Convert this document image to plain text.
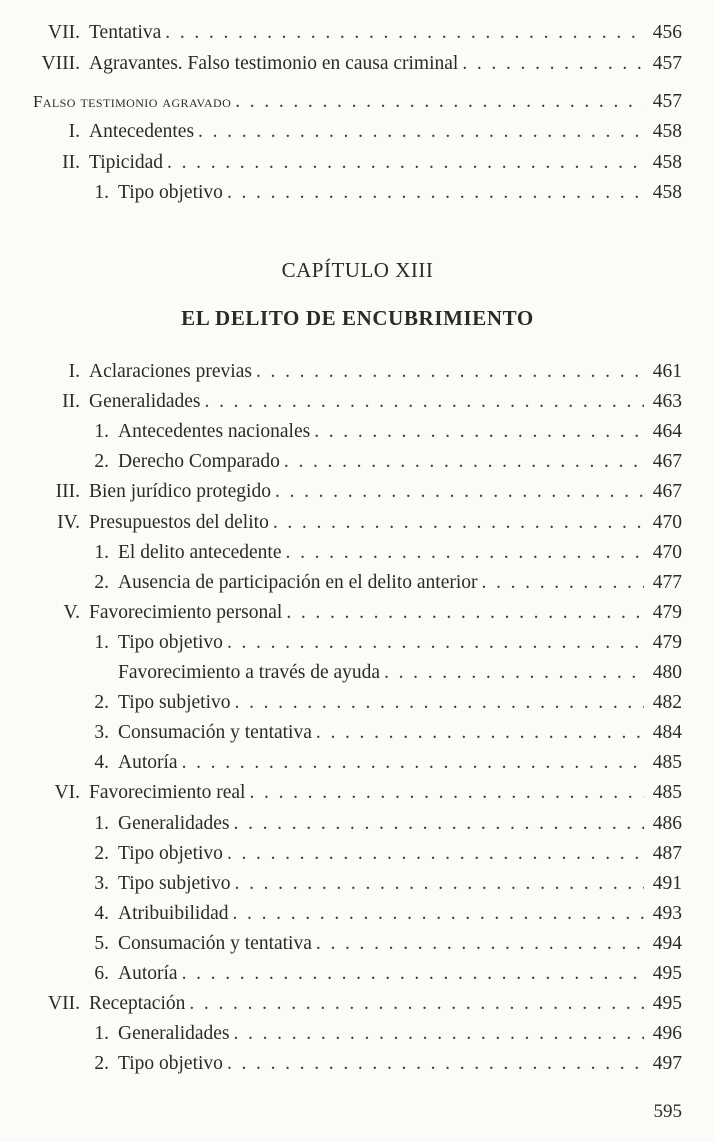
VII. Tentativa . . .	456
VIII. Agravantes. Falso testimonio en causa criminal . . .	457
Falso testimonio agravado . . .	457
I. Antecedentes . . .	458
II. Tipicidad . . .	458
1. Tipo objetivo . . .	458
CAPÍTULO XIII
EL DELITO DE ENCUBRIMIENTO
I. Aclaraciones previas . . .	461
II. Generalidades . . .	463
1. Antecedentes nacionales . . .	464
2. Derecho Comparado . . .	467
III. Bien jurídico protegido . . .	467
IV. Presupuestos del delito . . .	470
1. El delito antecedente . . .	470
2. Ausencia de participación en el delito anterior . . .	477
V. Favorecimiento personal . . .	479
1. Tipo objetivo . . .	479
Favorecimiento a través de ayuda . . .	480
2. Tipo subjetivo . . .	482
3. Consumación y tentativa . . .	484
4. Autoría . . .	485
VI. Favorecimiento real . . .	485
1. Generalidades . . .	486
2. Tipo objetivo . . .	487
3. Tipo subjetivo . . .	491
4. Atribuibilidad . . .	493
5. Consumación y tentativa . . .	494
6. Autoría . . .	495
VII. Receptación . . .	495
1. Generalidades . . .	496
2. Tipo objetivo . . .	497
595
